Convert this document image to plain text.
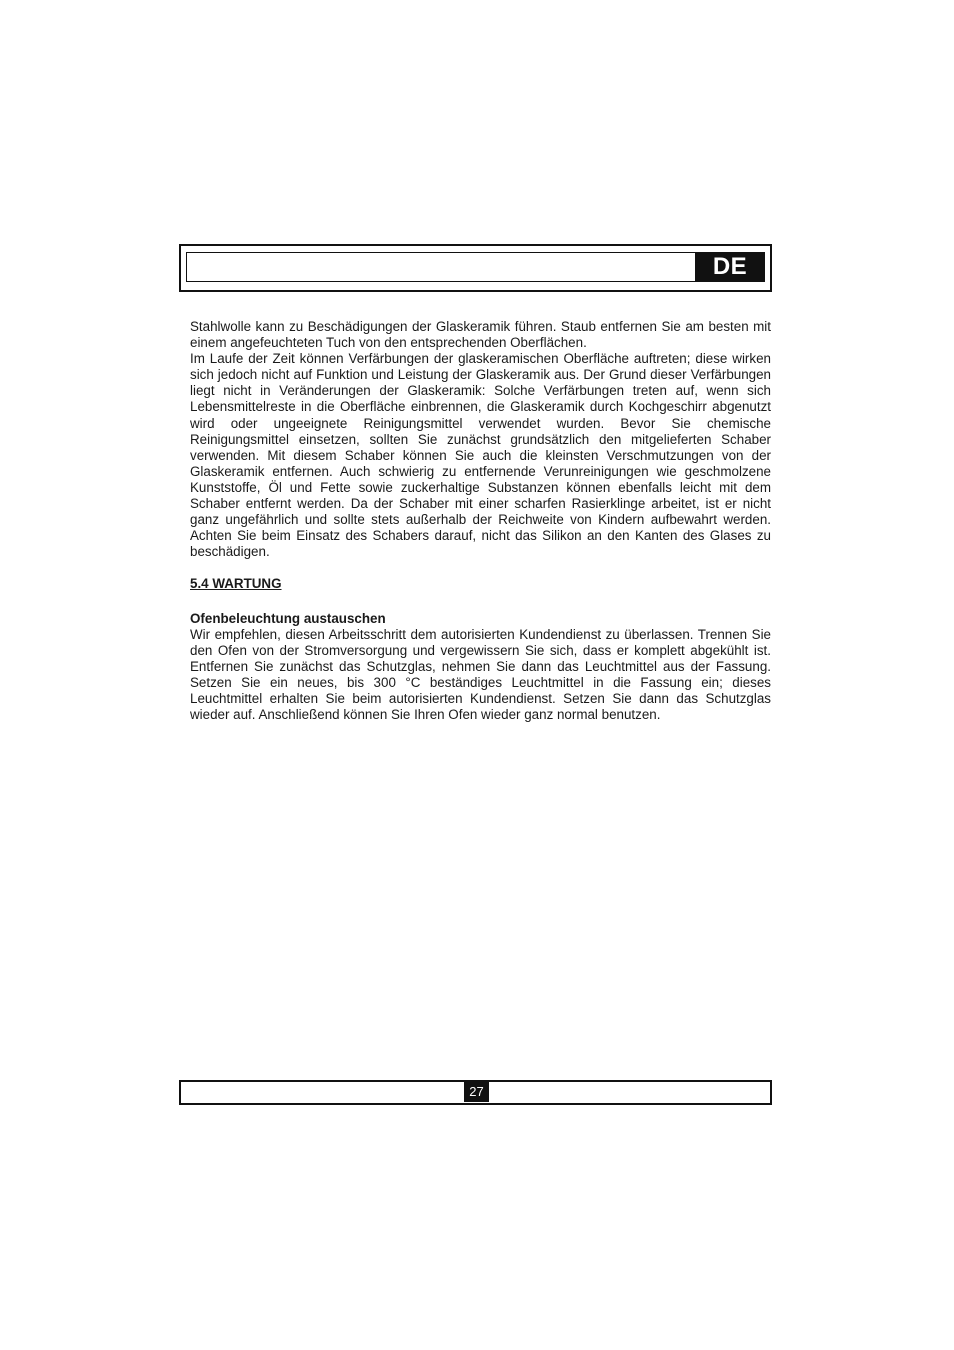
DE

Stahlwolle kann zu Beschädigungen der Glaskeramik führen. Staub entfernen Sie am besten mit einem angefeuchteten Tuch von den entsprechenden Oberflächen.

Im Laufe der Zeit können Verfärbungen der glaskeramischen Oberfläche auftreten; diese wirken sich jedoch nicht auf Funktion und Leistung der Glaskeramik aus. Der Grund dieser Verfärbungen liegt nicht in Veränderungen der Glaskeramik: Solche Verfärbungen treten auf, wenn sich Lebensmittelreste in die Oberfläche einbrennen, die Glaskeramik durch Kochgeschirr abgenutzt wird oder ungeeignete Reinigungsmittel verwendet wurden. Bevor Sie chemische Reinigungsmittel einsetzen, sollten Sie zunächst grundsätzlich den mitgelieferten Schaber verwenden. Mit diesem Schaber können Sie auch die kleinsten Verschmutzungen von der Glaskeramik entfernen. Auch schwierig zu entfernende Verunreinigungen wie geschmolzene Kunststoffe, Öl und Fette sowie zuckerhaltige Substanzen können ebenfalls leicht mit dem Schaber entfernt werden. Da der Schaber mit einer scharfen Rasierklinge arbeitet, ist er nicht ganz ungefährlich und sollte stets außerhalb der Reichweite von Kindern aufbewahrt werden. Achten Sie beim Einsatz des Schabers darauf, nicht das Silikon an den Kanten des Glases zu beschädigen.

5.4 WARTUNG

Ofenbeleuchtung austauschen

Wir empfehlen, diesen Arbeitsschritt dem autorisierten Kundendienst zu überlassen. Trennen Sie den Ofen von der Stromversorgung und vergewissern Sie sich, dass er komplett abgekühlt ist. Entfernen Sie zunächst das Schutzglas, nehmen Sie dann das Leuchtmittel aus der Fassung. Setzen Sie ein neues, bis 300 °C beständiges Leuchtmittel in die Fassung ein; dieses Leuchtmittel erhalten Sie beim autorisierten Kundendienst. Setzen Sie dann das Schutzglas wieder auf. Anschließend können Sie Ihren Ofen wieder ganz normal benutzen.

27
